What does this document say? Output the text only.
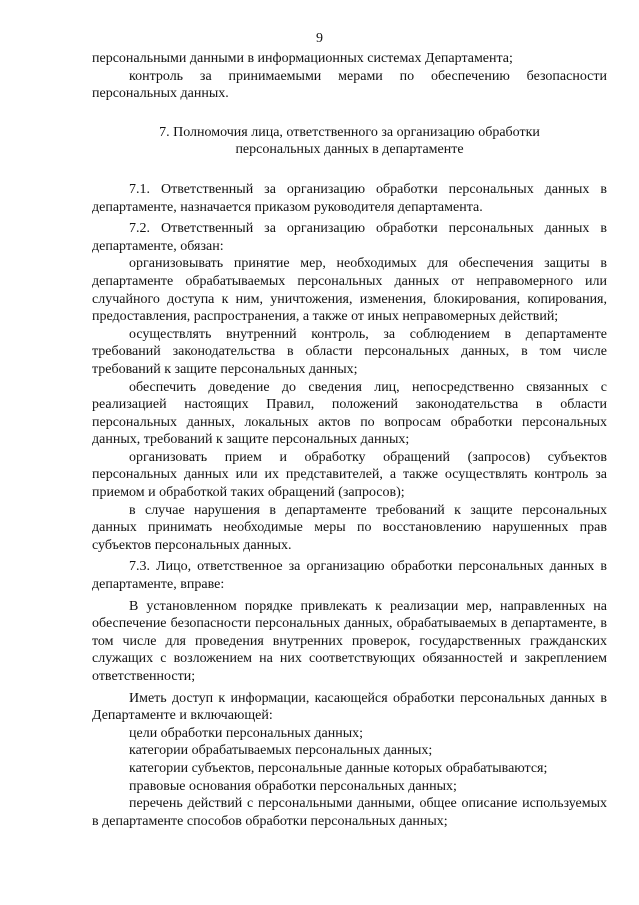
9

персональными данными в информационных системах Департамента;

контроль за принимаемыми мерами по обеспечению безопасности персональных данных.

7. Полномочия лица, ответственного за организацию обработки
персональных данных в департаменте

7.1. Ответственный за организацию обработки персональных данных в департаменте, назначается приказом руководителя департамента.

7.2. Ответственный за организацию обработки персональных данных в департаменте, обязан:

организовывать принятие мер, необходимых для обеспечения защиты в департаменте обрабатываемых персональных данных от неправомерного или случайного доступа к ним, уничтожения, изменения, блокирования, копирования, предоставления, распространения, а также от иных неправомерных действий;

осуществлять внутренний контроль, за соблюдением в департаменте требований законодательства в области персональных данных, в том числе требований к защите персональных данных;

обеспечить доведение до сведения лиц, непосредственно связанных с реализацией настоящих Правил, положений законодательства в области персональных данных, локальных актов по вопросам обработки персональных данных, требований к защите персональных данных;

организовать прием и обработку обращений (запросов) субъектов персональных данных или их представителей, а также осуществлять контроль за приемом и обработкой таких обращений (запросов);

в случае нарушения в департаменте требований к защите персональных данных принимать необходимые меры по восстановлению нарушенных прав субъектов персональных данных.

7.3. Лицо, ответственное за организацию обработки персональных данных в департаменте, вправе:

В установленном порядке привлекать к реализации мер, направленных на обеспечение безопасности персональных данных, обрабатываемых в департаменте, в том числе для проведения внутренних проверок, государственных гражданских служащих с возложением на них соответствующих обязанностей и закреплением ответственности;

Иметь доступ к информации, касающейся обработки персональных данных в Департаменте и включающей:

цели обработки персональных данных;

категории обрабатываемых персональных данных;

категории субъектов, персональные данные которых обрабатываются;

правовые основания обработки персональных данных;

перечень действий с персональными данными, общее описание используемых в департаменте способов обработки персональных данных;
